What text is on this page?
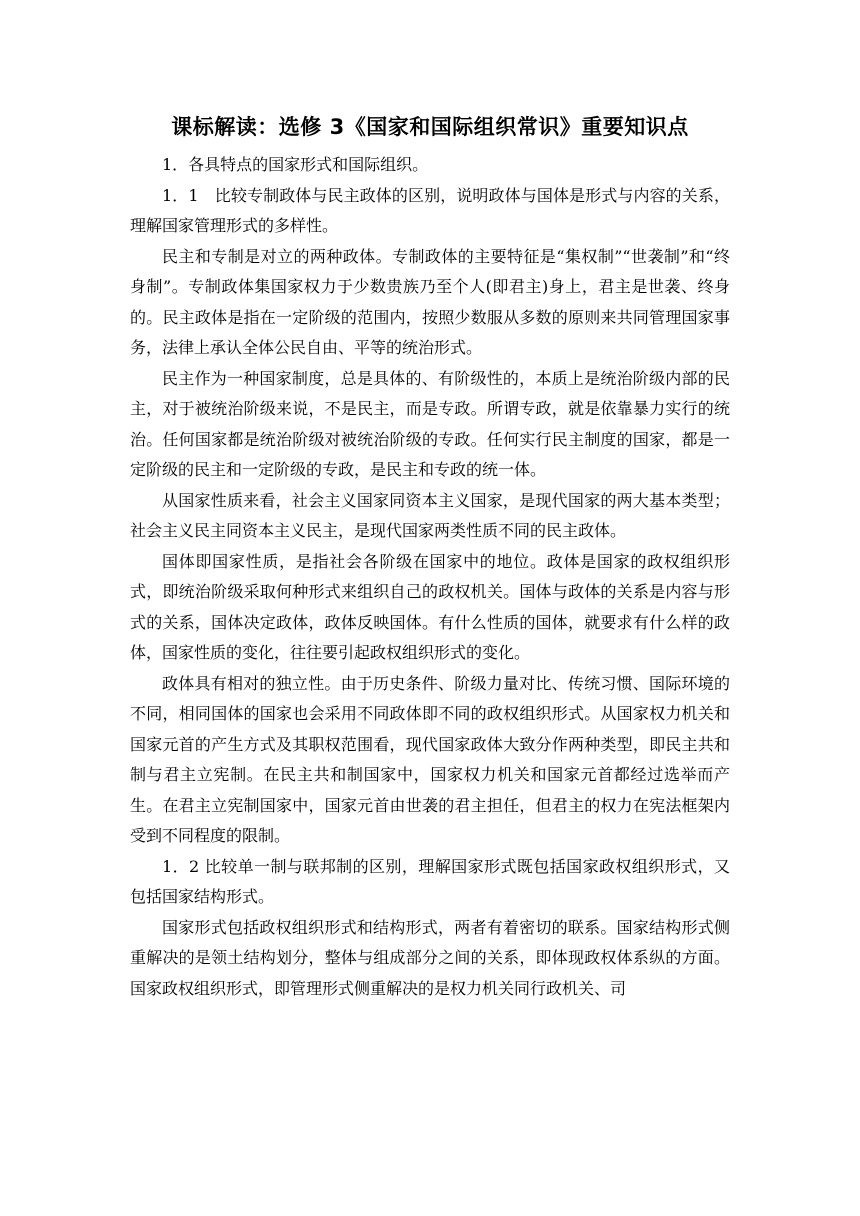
课标解读：选修 3《国家和国际组织常识》重要知识点

1．各具特点的国家形式和国际组织。

1．1　比较专制政体与民主政体的区别，说明政体与国体是形式与内容的关系，理解国家管理形式的多样性。

民主和专制是对立的两种政体。专制政体的主要特征是“集权制”“世袭制”和“终身制”。专制政体集国家权力于少数贵族乃至个人(即君主)身上，君主是世袭、终身的。民主政体是指在一定阶级的范围内，按照少数服从多数的原则来共同管理国家事务，法律上承认全体公民自由、平等的统治形式。

民主作为一种国家制度，总是具体的、有阶级性的，本质上是统治阶级内部的民主，对于被统治阶级来说，不是民主，而是专政。所谓专政，就是依靠暴力实行的统治。任何国家都是统治阶级对被统治阶级的专政。任何实行民主制度的国家，都是一定阶级的民主和一定阶级的专政，是民主和专政的统一体。

从国家性质来看，社会主义国家同资本主义国家，是现代国家的两大基本类型；社会主义民主同资本主义民主，是现代国家两类性质不同的民主政体。

国体即国家性质，是指社会各阶级在国家中的地位。政体是国家的政权组织形式，即统治阶级采取何种形式来组织自己的政权机关。国体与政体的关系是内容与形式的关系，国体决定政体，政体反映国体。有什么性质的国体，就要求有什么样的政体，国家性质的变化，往往要引起政权组织形式的变化。

政体具有相对的独立性。由于历史条件、阶级力量对比、传统习惯、国际环境的不同，相同国体的国家也会采用不同政体即不同的政权组织形式。从国家权力机关和国家元首的产生方式及其职权范围看，现代国家政体大致分作两种类型，即民主共和制与君主立宪制。在民主共和制国家中，国家权力机关和国家元首都经过选举而产生。在君主立宪制国家中，国家元首由世袭的君主担任，但君主的权力在宪法框架内受到不同程度的限制。

1．2 比较单一制与联邦制的区别，理解国家形式既包括国家政权组织形式，又包括国家结构形式。

国家形式包括政权组织形式和结构形式，两者有着密切的联系。国家结构形式侧重解决的是领土结构划分，整体与组成部分之间的关系，即体现政权体系纵的方面。国家政权组织形式，即管理形式侧重解决的是权力机关同行政机关、司
